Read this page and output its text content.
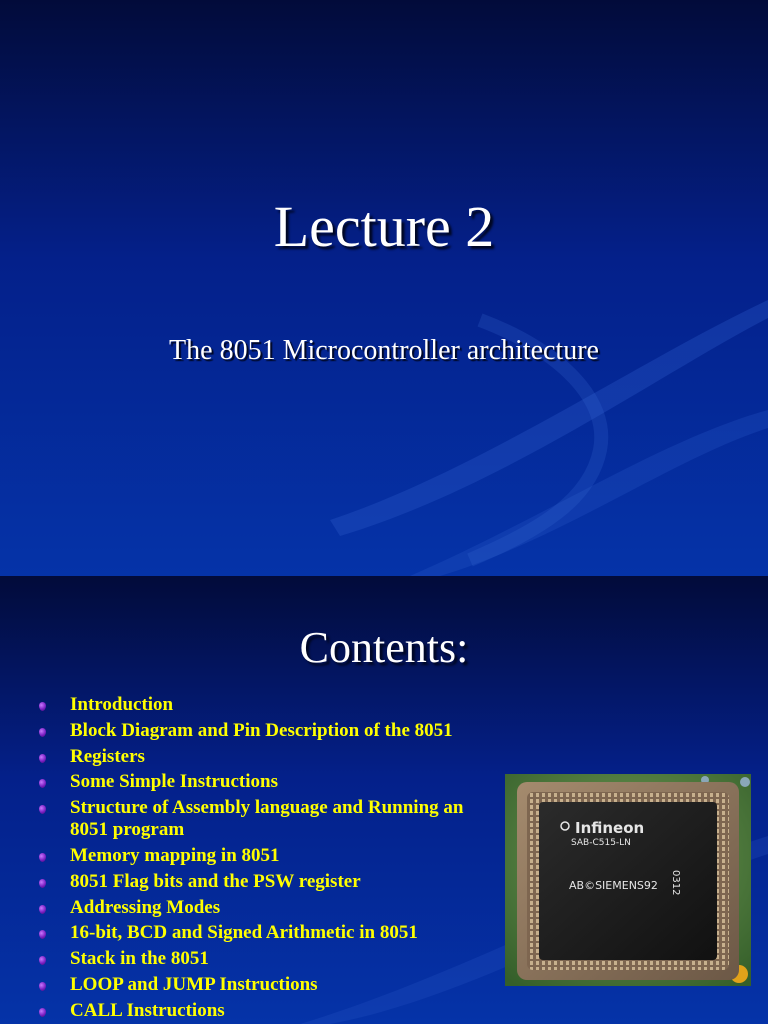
Lecture 2
The 8051 Microcontroller architecture
Contents:
Introduction
Block Diagram and Pin Description of the 8051
Registers
Some Simple Instructions
Structure of Assembly language and Running an 8051 program
Memory mapping in 8051
8051 Flag bits and the PSW register
Addressing Modes
16-bit, BCD and Signed Arithmetic in 8051
Stack in the 8051
LOOP and JUMP Instructions
CALL Instructions
Infineon
SAB-C515-LN
AB©SIEMENS92 0312
